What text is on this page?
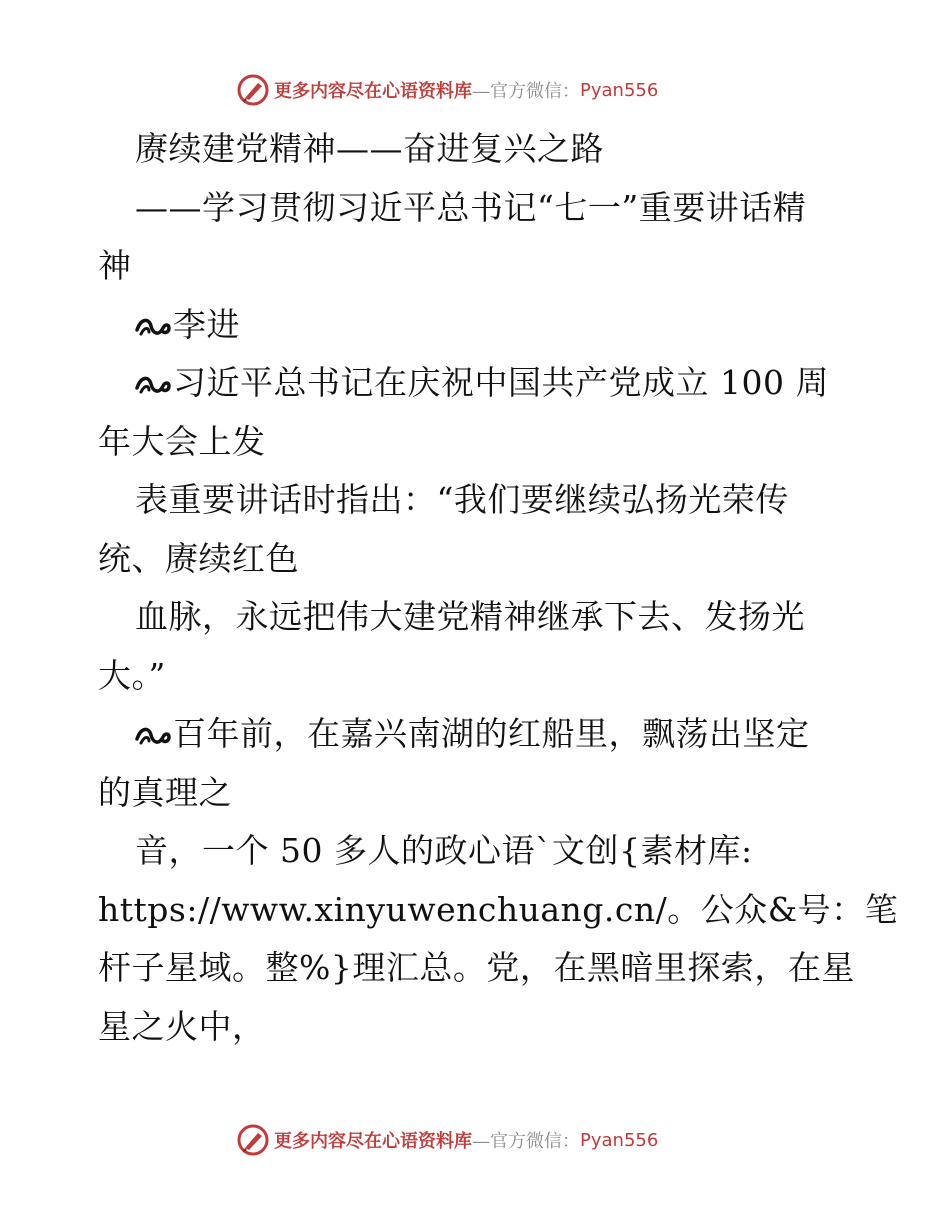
更多内容尽在心语资料库 —官方微信： Pyan556
赓续建党精神——奋进复兴之路
——学习贯彻习近平总书记“七一”重要讲话精
神
李进
习近平总书记在庆祝中国共产党成立 100 周
年大会上发
表重要讲话时指出：“我们要继续弘扬光荣传
统、赓续红色
血脉，永远把伟大建党精神继承下去、发扬光
大。”
百年前，在嘉兴南湖的红船里，飘荡出坚定
的真理之
音，一个 50 多人的政心语`文创{素材库:
https://www.xinyuwenchuang.cn/。公众&号：笔
杆子星域。整%}理汇总。党，在黑暗里探索，在星
星之火中，
更多内容尽在心语资料库 —官方微信： Pyan556
